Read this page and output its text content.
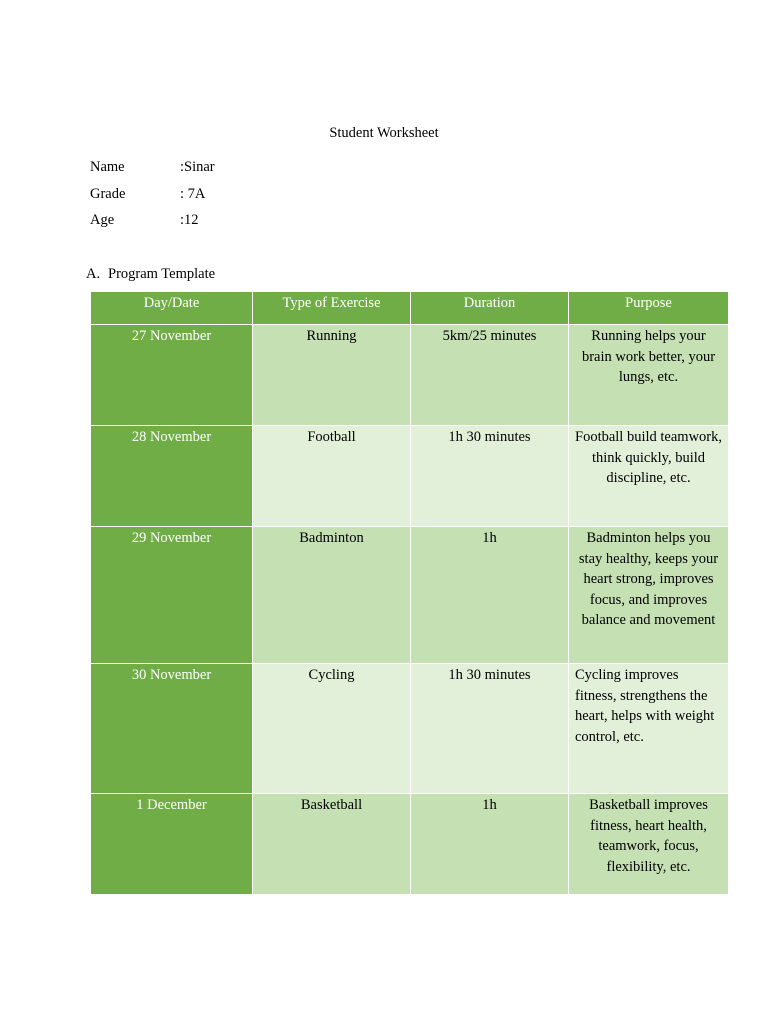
Student Worksheet
Name	:Sinar
Grade	: 7A
Age	:12
A. Program Template
Day/Date	Type of Exercise	Duration	Purpose
27 November	Running	5km/25 minutes	Running helps your brain work better, your lungs, etc.
28 November	Football	1h 30 minutes	Football build teamwork, think quickly, build discipline, etc.
29 November	Badminton	1h	Badminton helps you stay healthy, keeps your heart strong, improves focus, and improves balance and movement
30 November	Cycling	1h 30 minutes	Cycling improves fitness, strengthens the heart, helps with weight control, etc.
1 December	Basketball	1h	Basketball improves fitness, heart health, teamwork, focus, flexibility, etc.
